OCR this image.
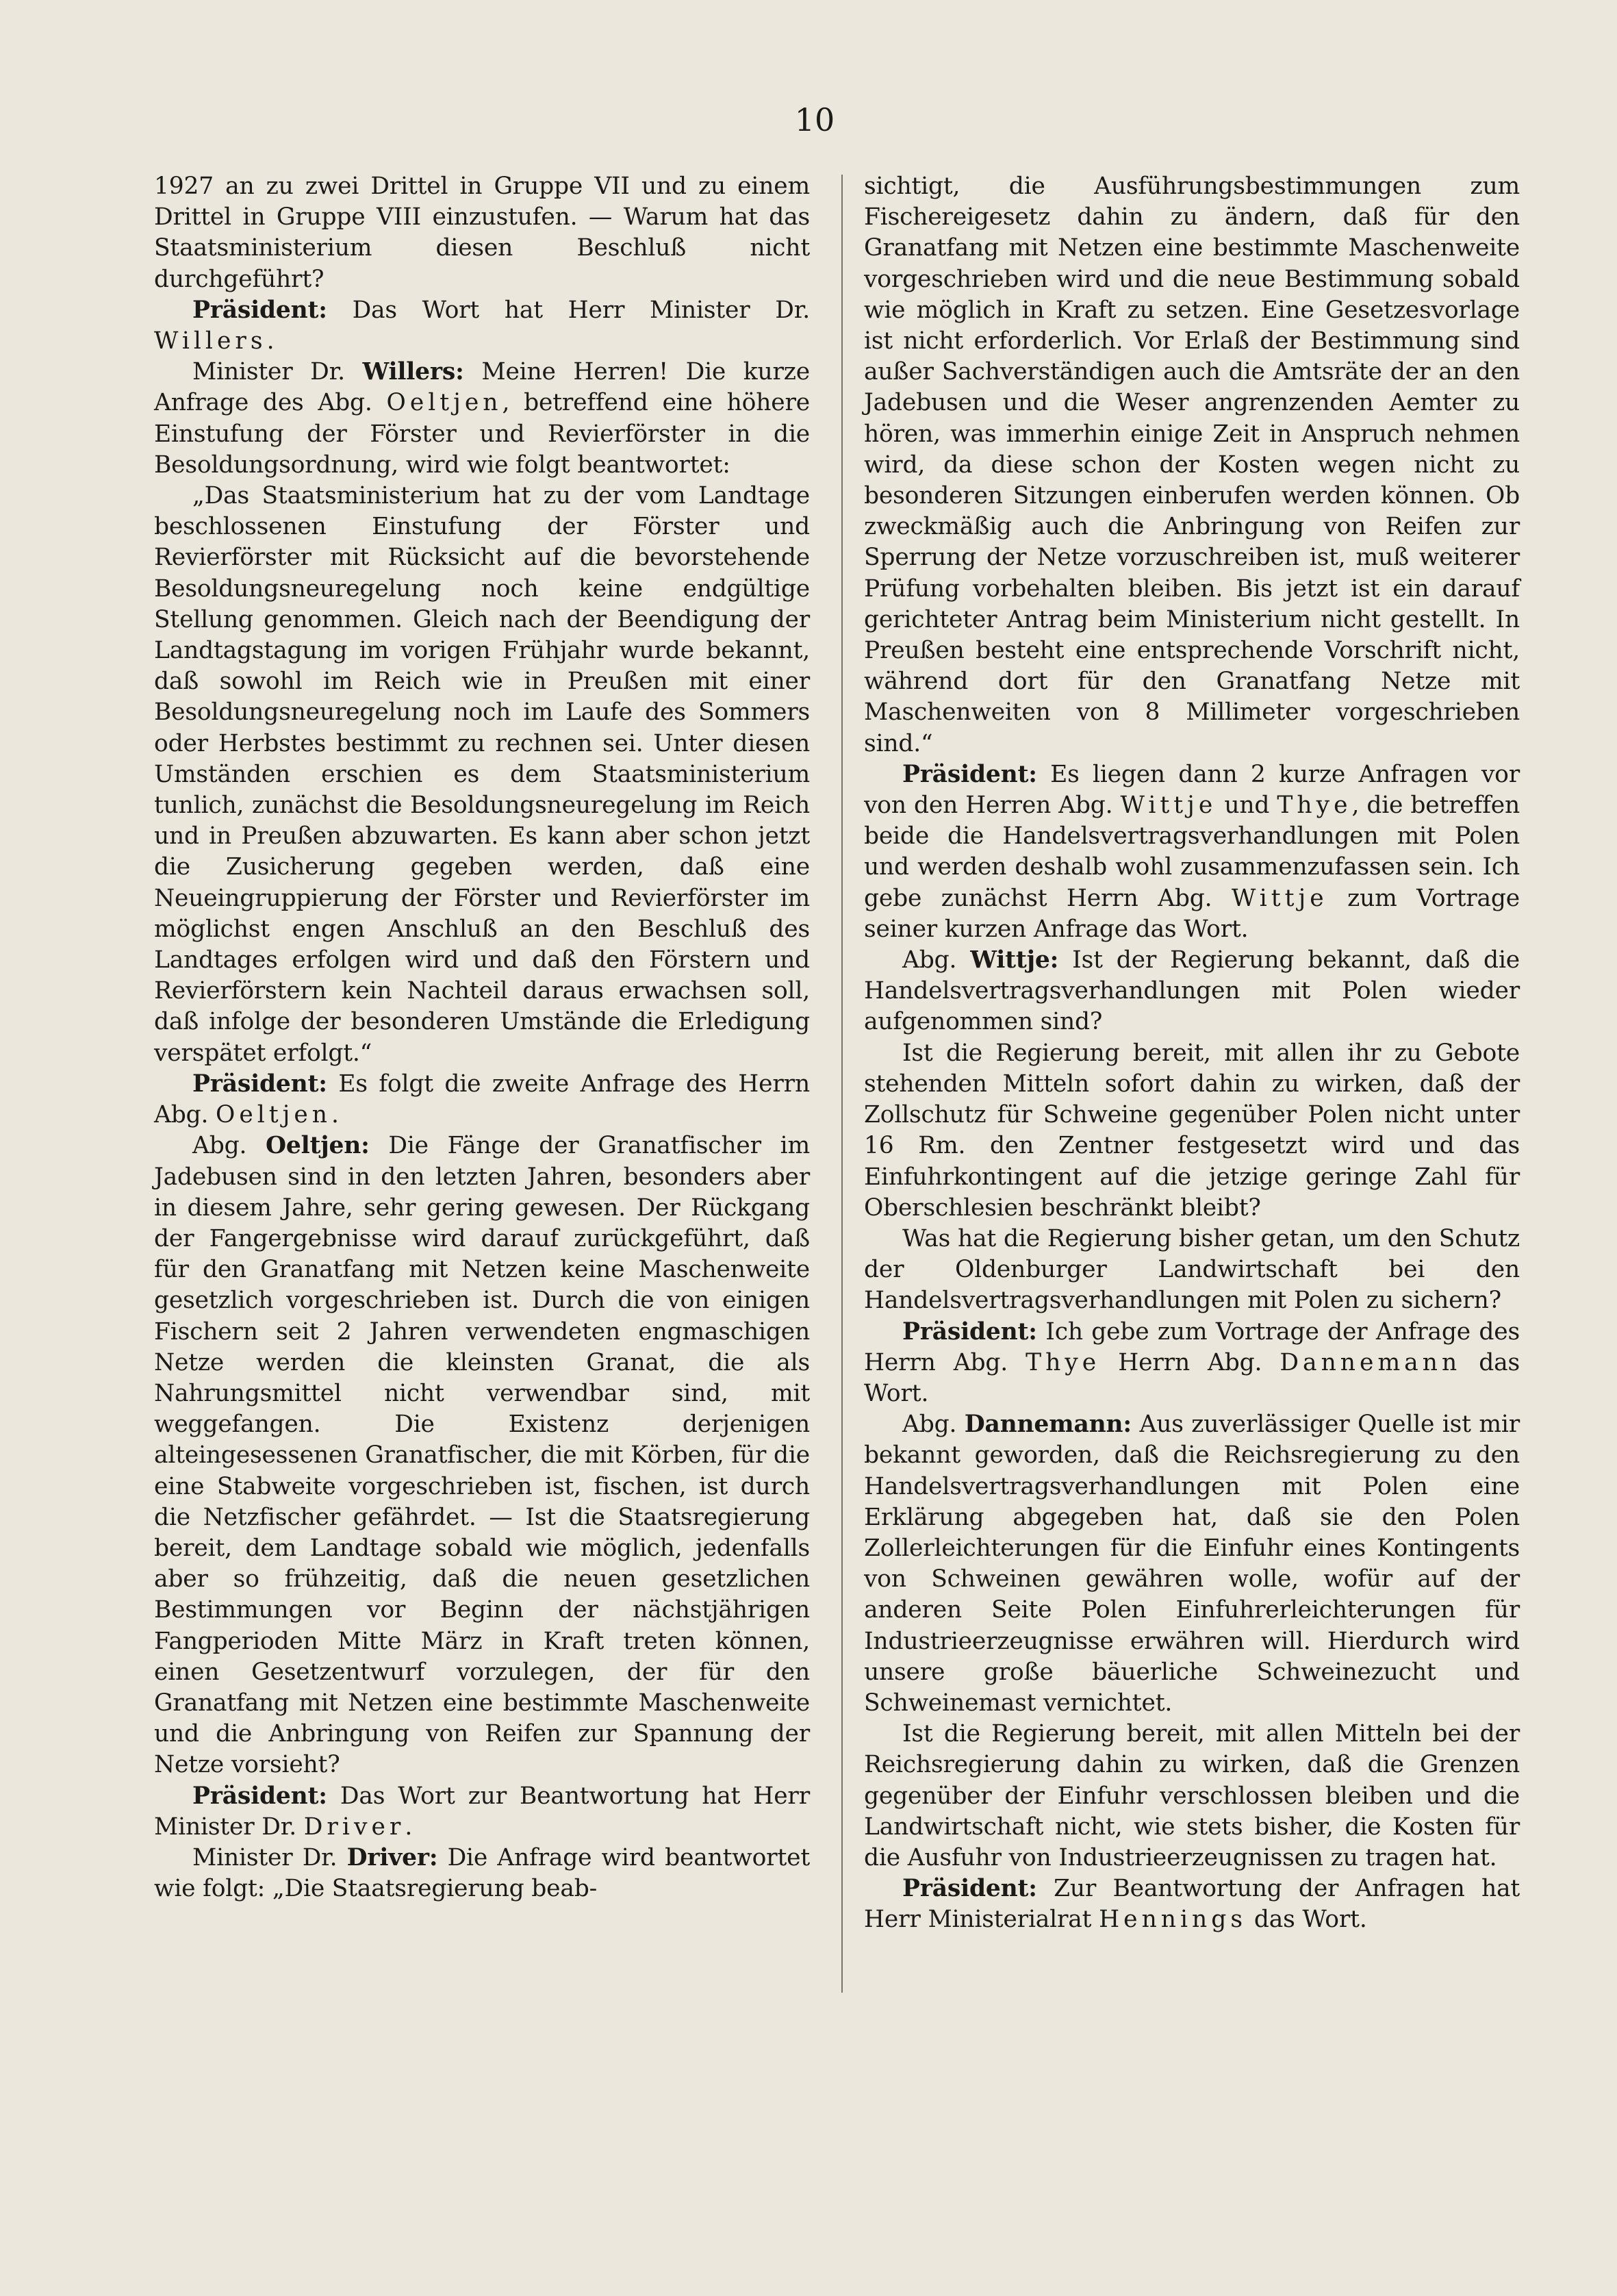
10

1927 an zu zwei Drittel in Gruppe VII und zu einem Drittel in Gruppe VIII einzustufen. — Warum hat das Staatsministerium diesen Beschluß nicht durchgeführt?

Präsident: Das Wort hat Herr Minister Dr. Willers.

Minister Dr. Willers: Meine Herren! Die kurze Anfrage des Abg. Oeltjen, betreffend eine höhere Einstufung der Förster und Revierförster in die Besoldungsordnung, wird wie folgt beantwortet:

„Das Staatsministerium hat zu der vom Landtage beschlossenen Einstufung der Förster und Revierförster mit Rücksicht auf die bevorstehende Besoldungsneuregelung noch keine endgültige Stellung genommen. Gleich nach der Beendigung der Landtagstagung im vorigen Frühjahr wurde bekannt, daß sowohl im Reich wie in Preußen mit einer Besoldungsneuregelung noch im Laufe des Sommers oder Herbstes bestimmt zu rechnen sei. Unter diesen Umständen erschien es dem Staatsministerium tunlich, zunächst die Besoldungsneuregelung im Reich und in Preußen abzuwarten. Es kann aber schon jetzt die Zusicherung gegeben werden, daß eine Neueingruppierung der Förster und Revierförster im möglichst engen Anschluß an den Beschluß des Landtages erfolgen wird und daß den Förstern und Revierförstern kein Nachteil daraus erwachsen soll, daß infolge der besonderen Umstände die Erledigung verspätet erfolgt.“

Präsident: Es folgt die zweite Anfrage des Herrn Abg. Oeltjen.

Abg. Oeltjen: Die Fänge der Granatfischer im Jadebusen sind in den letzten Jahren, besonders aber in diesem Jahre, sehr gering gewesen. Der Rückgang der Fangergebnisse wird darauf zurückgeführt, daß für den Granatfang mit Netzen keine Maschenweite gesetzlich vorgeschrieben ist. Durch die von einigen Fischern seit 2 Jahren verwendeten engmaschigen Netze werden die kleinsten Granat, die als Nahrungsmittel nicht verwendbar sind, mit weggefangen. Die Existenz derjenigen alteingesessenen Granatfischer, die mit Körben, für die eine Stabweite vorgeschrieben ist, fischen, ist durch die Netzfischer gefährdet. — Ist die Staatsregierung bereit, dem Landtage sobald wie möglich, jedenfalls aber so frühzeitig, daß die neuen gesetzlichen Bestimmungen vor Beginn der nächstjährigen Fangperioden Mitte März in Kraft treten können, einen Gesetzentwurf vorzulegen, der für den Granatfang mit Netzen eine bestimmte Maschenweite und die Anbringung von Reifen zur Spannung der Netze vorsieht?

Präsident: Das Wort zur Beantwortung hat Herr Minister Dr. Driver.

Minister Dr. Driver: Die Anfrage wird beantwortet wie folgt: „Die Staatsregierung beab-

sichtigt, die Ausführungsbestimmungen zum Fischereigesetz dahin zu ändern, daß für den Granatfang mit Netzen eine bestimmte Maschenweite vorgeschrieben wird und die neue Bestimmung sobald wie möglich in Kraft zu setzen. Eine Gesetzesvorlage ist nicht erforderlich. Vor Erlaß der Bestimmung sind außer Sachverständigen auch die Amtsräte der an den Jadebusen und die Weser angrenzenden Aemter zu hören, was immerhin einige Zeit in Anspruch nehmen wird, da diese schon der Kosten wegen nicht zu besonderen Sitzungen einberufen werden können. Ob zweckmäßig auch die Anbringung von Reifen zur Sperrung der Netze vorzuschreiben ist, muß weiterer Prüfung vorbehalten bleiben. Bis jetzt ist ein darauf gerichteter Antrag beim Ministerium nicht gestellt. In Preußen besteht eine entsprechende Vorschrift nicht, während dort für den Granatfang Netze mit Maschenweiten von 8 Millimeter vorgeschrieben sind.“

Präsident: Es liegen dann 2 kurze Anfragen vor von den Herren Abg. Wittje und Thye, die betreffen beide die Handelsvertragsverhandlungen mit Polen und werden deshalb wohl zusammenzufassen sein. Ich gebe zunächst Herrn Abg. Wittje zum Vortrage seiner kurzen Anfrage das Wort.

Abg. Wittje: Ist der Regierung bekannt, daß die Handelsvertragsverhandlungen mit Polen wieder aufgenommen sind?

Ist die Regierung bereit, mit allen ihr zu Gebote stehenden Mitteln sofort dahin zu wirken, daß der Zollschutz für Schweine gegenüber Polen nicht unter 16 Rm. den Zentner festgesetzt wird und das Einfuhrkontingent auf die jetzige geringe Zahl für Oberschlesien beschränkt bleibt?

Was hat die Regierung bisher getan, um den Schutz der Oldenburger Landwirtschaft bei den Handelsvertragsverhandlungen mit Polen zu sichern?

Präsident: Ich gebe zum Vortrage der Anfrage des Herrn Abg. Thye Herrn Abg. Dannemann das Wort.

Abg. Dannemann: Aus zuverlässiger Quelle ist mir bekannt geworden, daß die Reichsregierung zu den Handelsvertragsverhandlungen mit Polen eine Erklärung abgegeben hat, daß sie den Polen Zollerleichterungen für die Einfuhr eines Kontingents von Schweinen gewähren wolle, wofür auf der anderen Seite Polen Einfuhrerleichterungen für Industrieerzeugnisse erwähren will. Hierdurch wird unsere große bäuerliche Schweinezucht und Schweinemast vernichtet.

Ist die Regierung bereit, mit allen Mitteln bei der Reichsregierung dahin zu wirken, daß die Grenzen gegenüber der Einfuhr verschlossen bleiben und die Landwirtschaft nicht, wie stets bisher, die Kosten für die Ausfuhr von Industrieerzeugnissen zu tragen hat.

Präsident: Zur Beantwortung der Anfragen hat Herr Ministerialrat Hennings das Wort.
